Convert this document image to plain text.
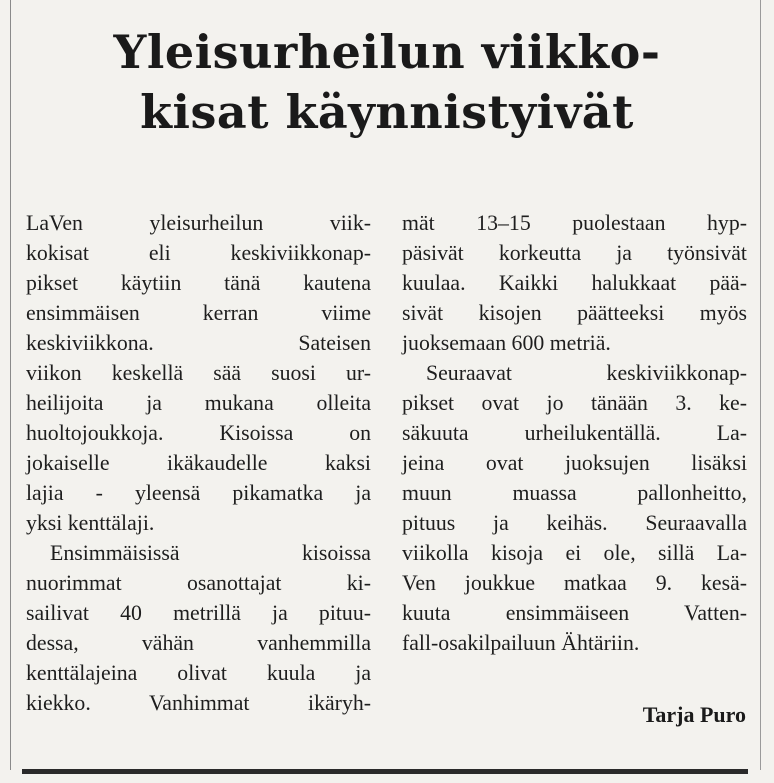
Yleisurheilun viikko-
kisat käynnistyivät
LaVen yleisurheilun viik-
kokisat eli keskiviikkonap-
pikset käytiin tänä kautena
ensimmäisen kerran viime
keskiviikkona. Sateisen
viikon keskellä sää suosi ur-
heilijoita ja mukana olleita
huoltojoukkoja. Kisoissa on
jokaiselle ikäkaudelle kaksi
lajia - yleensä pikamatka ja
yksi kenttälaji.
Ensimmäisissä kisoissa
nuorimmat osanottajat ki-
sailivat 40 metrillä ja pituu-
dessa, vähän vanhemmilla
kenttälajeina olivat kuula ja
kiekko. Vanhimmat ikäryh-
mät 13–15 puolestaan hyp-
päsivät korkeutta ja työnsivät
kuulaa. Kaikki halukkaat pää-
sivät kisojen päätteeksi myös
juoksemaan 600 metriä.
Seuraavat keskiviikkonap-
pikset ovat jo tänään 3. ke-
säkuuta urheilukentällä. La-
jeina ovat juoksujen lisäksi
muun muassa pallonheitto,
pituus ja keihäs. Seuraavalla
viikolla kisoja ei ole, sillä La-
Ven joukkue matkaa 9. kesä-
kuuta ensimmäiseen Vatten-
fall-osakilpailuun Ähtäriin.
Tarja Puro
